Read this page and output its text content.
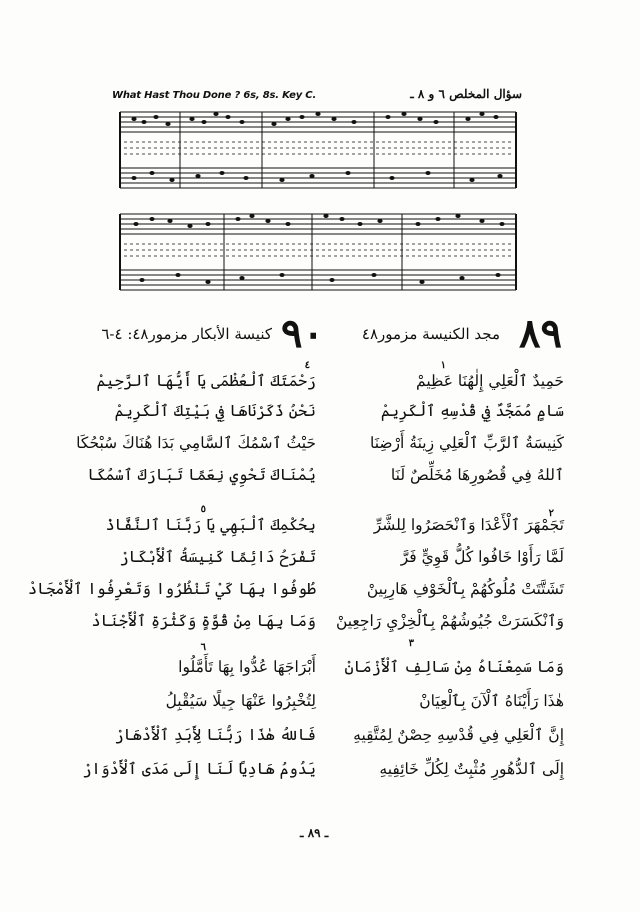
What Hast Thou Done ? 6s, 8s. Key C.	سؤال المخلص ٦ و ٨ ـ
٨٩
مجد الكنيسة مزمور٤٨
٩٠
كنيسة الأبكار مزمور٤٨: ٤-٦
١
حَمِيدٌ ٱلْعَلِي إِلٰهُنَا عَظِيمْ
سَامٍ مُمَجَّدٌ فِي قُدْسِهِ ٱلْكَرِيمْ
كَنِيسَةُ ٱلرَّبِّ ٱلْعَلِي زِينَةُ أَرْضِنَا
ٱللهُ فِي قُصُورِهَا مُخَلِّصٌ لَنَا
٢
تَجَمْهَرَ ٱلْأَعْدَا وَٱنْحَصَرُوا لِلشَّرِّ
لَمَّا رَأَوْا خَافُوا كُلُّ قَوِيٍّ فَرَّ
تَشَتَّتَتْ مُلُوكُهُمْ بِٱلْخَوْفِ هَارِبِينْ
وَٱنْكَسَرَتْ جُيُوشُهُمْ بِٱلْخِزْيِ رَاجِعِينْ
٣
وَمَا سَمِعْنَاهُ مِنْ سَالِفِ ٱلْأَزْمَانْ
هٰذَا رَأَيْنَاهُ ٱلْآنَ بِٱلْعِيَانْ
إِنَّ ٱلْعَلِي فِي قُدْسِهِ حِصْنٌ لِمُتَّقِيهِ
إِلَى ٱلدُّهُورِ مُثْبِتٌ لِكُلِّ خَائِفِيهِ
٤
رَحْمَتَكَ ٱلْعُظْمَى يَا أَيُّهَا ٱلرَّحِيمْ
نَحْنُ ذَكَرْنَاهَا فِي بَيْتِكَ ٱلْكَرِيمْ
حَيْثُ ٱسْمُكَ ٱلسَّامِي بَدَا هُنَاكَ سُبْحُكَا
يُمْنَاكَ تَحْوِي نِعَمًا تَبَارَكَ ٱسْمُكَا
٥
بِحُكْمِكَ ٱلْبَهِي يَا رَبَّنَا ٱلنَّفَّاذْ
تَفْرَحُ دَائِمًا كَنِيسَةُ ٱلْأَبْكَارْ
طُوفُوا بِهَا كَيْ تَنْظُرُوا وَتَعْرِفُوا ٱلْأَمْجَادْ
وَمَا بِهَا مِنْ قُوَّةٍ وَكَثْرَةِ ٱلْأَجْنَادْ
٦
أَبْرَاجَهَا عُدُّوا بِهَا تَأَمَّلُوا
لِتُخْبِرُوا عَنْهَا جِيلًا سَيُقْبِلُ
فَاللهُ هٰذَا رَبُّنَا لِأَبَدِ ٱلْأَدْهَارْ
يَدُومُ هَادِيًا لَنَا إِلَى مَدَى ٱلْأَدْوَارْ
ـ ٨٩ ـ
